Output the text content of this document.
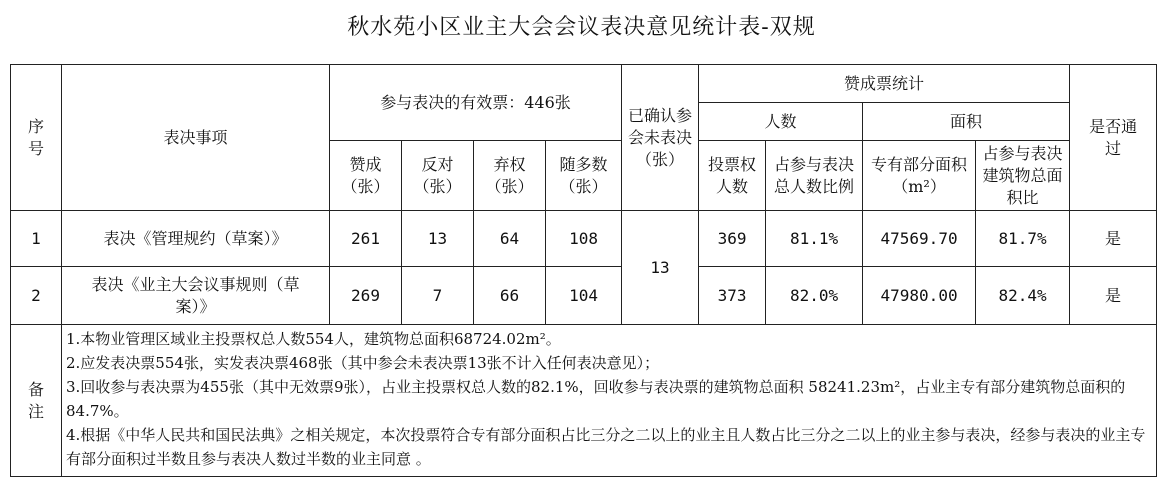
秋水苑小区业主大会会议表决意见统计表-双规
序号	表决事项	参与表决的有效票：446张				已确认参会未表决（张）	赞成票统计				是否通过
							人数		面积		
		赞成（张）	反对（张）	弃权（张）	随多数（张）		投票权人数	占参与表决总人数比例	专有部分面积（m²）	占参与表决建筑物总面积比	
1	表决《管理规约（草案）》	261	13	64	108	13	369	81.1%	47569.70	81.7%	是
2	表决《业主大会议事规则（草案）》	269	7	66	104		373	82.0%	47980.00	82.4%	是
备注	1.本物业管理区域业主投票权总人数554人，建筑物总面积68724.02m²。
2.应发表决票554张，实发表决票468张（其中参会未表决票13张不计入任何表决意见）；
3.回收参与表决票为455张（其中无效票9张），占业主投票权总人数的82.1%，回收参与表决票的建筑物总面积 58241.23m²，占业主专有部分建筑物总面积的84.7%。
4.根据《中华人民共和国民法典》之相关规定，本次投票符合专有部分面积占比三分之二以上的业主且人数占比三分之二以上的业主参与表决，经参与表决的业主专有部分面积过半数且参与表决人数过半数的业主同意 。										
